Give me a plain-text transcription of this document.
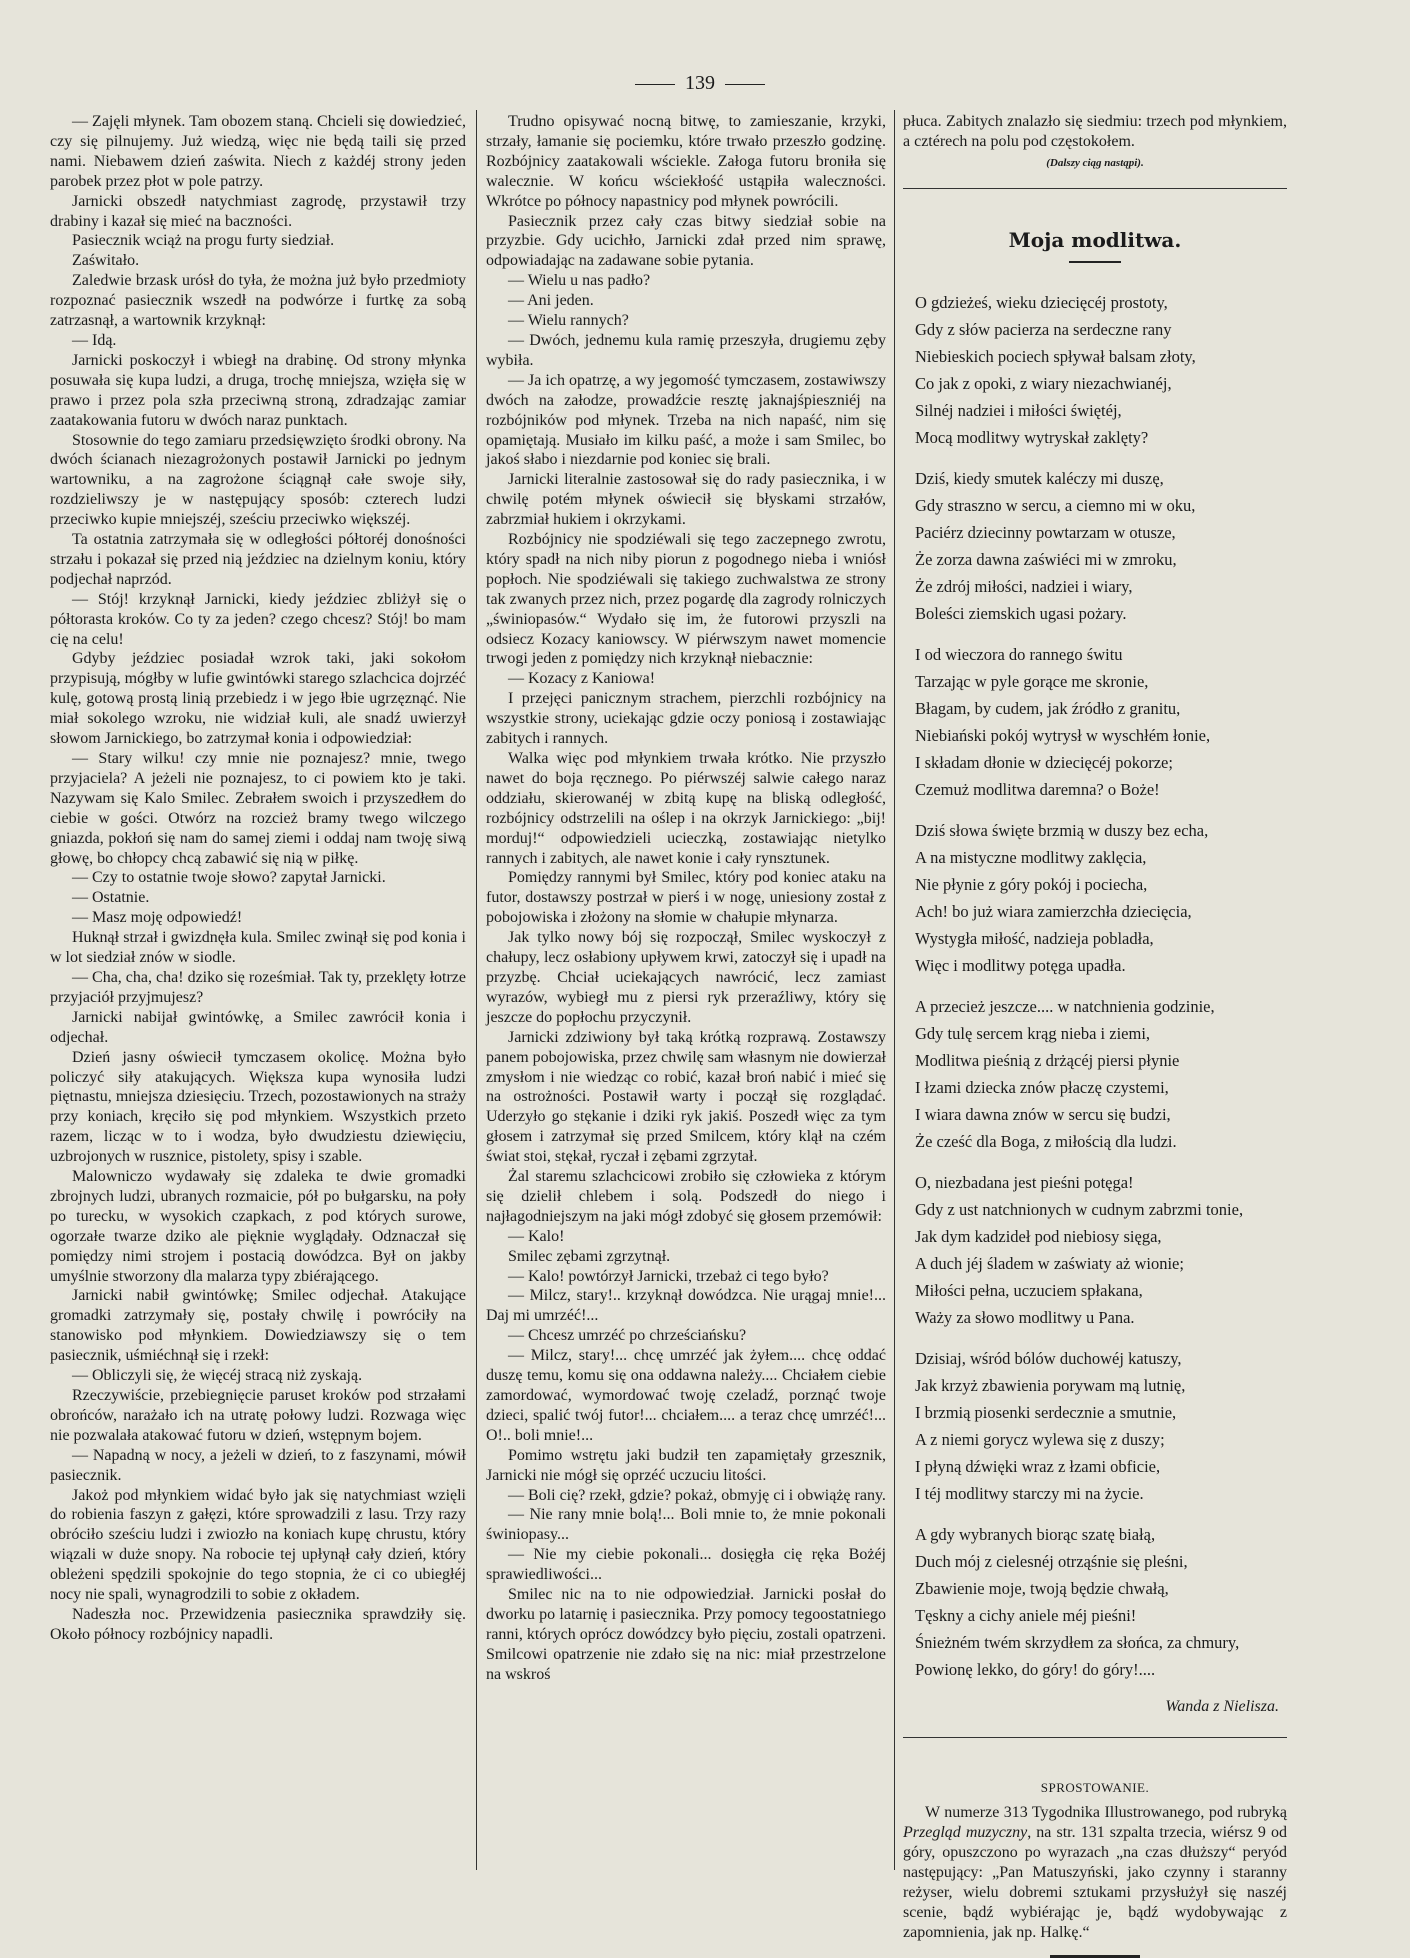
139

— Zajęli młynek. Tam obozem staną. Chcieli się dowiedzieć, czy się pilnujemy. Już wiedzą, więc nie będą taili się przed nami. Niebawem dzień zaświta. Niech z każdéj strony jeden parobek przez płot w pole patrzy.

Jarnicki obszedł natychmiast zagrodę, przystawił trzy drabiny i kazał się mieć na baczności.

Pasiecznik wciąż na progu furty siedział.

Zaświtało.

Zaledwie brzask urósł do tyła, że można już było przedmioty rozpoznać pasiecznik wszedł na podwórze i furtkę za sobą zatrzasnął, a wartownik krzyknął:

— Idą.

Jarnicki poskoczył i wbiegł na drabinę. Od strony młynka posuwała się kupa ludzi, a druga, trochę mniejsza, wzięła się w prawo i przez pola szła przeciwną stroną, zdradzając zamiar zaatakowania futoru w dwóch naraz punktach.

Stosownie do tego zamiaru przedsięwzięto środki obrony. Na dwóch ścianach niezagrożonych postawił Jarnicki po jednym wartowniku, a na zagrożone ściągnął całe swoje siły, rozdzieliwszy je w następujący sposób: czterech ludzi przeciwko kupie mniejszéj, sześciu przeciwko większéj.

Ta ostatnia zatrzymała się w odległości półtoréj donośności strzału i pokazał się przed nią jeździec na dzielnym koniu, który podjechał naprzód.

— Stój! krzyknął Jarnicki, kiedy jeździec zbliżył się o półtorasta kroków. Co ty za jeden? czego chcesz? Stój! bo mam cię na celu!

Gdyby jeździec posiadał wzrok taki, jaki sokołom przypisują, mógłby w lufie gwintówki starego szlachcica dojrzéć kulę, gotową prostą linią przebiedz i w jego łbie ugrzęznąć. Nie miał sokolego wzroku, nie widział kuli, ale snadź uwierzył słowom Jarnickiego, bo zatrzymał konia i odpowiedział:

— Stary wilku! czy mnie nie poznajesz? mnie, twego przyjaciela? A jeżeli nie poznajesz, to ci powiem kto je taki. Nazywam się Kalo Smilec. Zebrałem swoich i przyszedłem do ciebie w gości. Otwórz na rozcież bramy twego wilczego gniazda, pokłoń się nam do samej ziemi i oddaj nam twoję siwą głowę, bo chłopcy chcą zabawić się nią w piłkę.

— Czy to ostatnie twoje słowo? zapytał Jarnicki.

— Ostatnie.

— Masz moję odpowiedź!

Huknął strzał i gwizdnęła kula. Smilec zwinął się pod konia i w lot siedział znów w siodle.

— Cha, cha, cha! dziko się roześmiał. Tak ty, przeklęty łotrze przyjaciół przyjmujesz?

Jarnicki nabijał gwintówkę, a Smilec zawrócił konia i odjechał.

Dzień jasny oświecił tymczasem okolicę. Można było policzyć siły atakujących. Większa kupa wynosiła ludzi piętnastu, mniejsza dziesięciu. Trzech, pozostawionych na straży przy koniach, kręciło się pod młynkiem. Wszystkich przeto razem, licząc w to i wodza, było dwudziestu dziewięciu, uzbrojonych w rusznice, pistolety, spisy i szable.

Malowniczo wydawały się zdaleka te dwie gromadki zbrojnych ludzi, ubranych rozmaicie, pół po bułgarsku, na poły po turecku, w wysokich czapkach, z pod których surowe, ogorzałe twarze dziko ale pięknie wyglądały. Odznaczał się pomiędzy nimi strojem i postacią dowódzca. Był on jakby umyślnie stworzony dla malarza typy zbiérającego.

Jarnicki nabił gwintówkę; Smilec odjechał. Atakujące gromadki zatrzymały się, postały chwilę i powróciły na stanowisko pod młynkiem. Dowiedziawszy się o tem pasiecznik, uśmiéchnął się i rzekł:

— Obliczyli się, że więcéj stracą niż zyskają.

Rzeczywiście, przebiegnięcie paruset kroków pod strzałami obrońców, narażało ich na utratę połowy ludzi. Rozwaga więc nie pozwalała atakować futoru w dzień, wstępnym bojem.

— Napadną w nocy, a jeżeli w dzień, to z faszynami, mówił pasiecznik.

Jakoż pod młynkiem widać było jak się natychmiast wzięli do robienia faszyn z gałęzi, które sprowadzili z lasu. Trzy razy obróciło sześciu ludzi i zwiozło na koniach kupę chrustu, który wiązali w duże snopy. Na robocie tej upłynął cały dzień, który obleżeni spędzili spokojnie do tego stopnia, że ci co ubiegłéj nocy nie spali, wynagrodzili to sobie z okładem.

Nadeszła noc. Przewidzenia pasiecznika sprawdziły się. Około północy rozbójnicy napadli.

Trudno opisywać nocną bitwę, to zamieszanie, krzyki, strzały, łamanie się pociemku, które trwało przeszło godzinę. Rozbójnicy zaatakowali wściekle. Załoga futoru broniła się walecznie. W końcu wściekłość ustąpiła waleczności. Wkrótce po północy napastnicy pod młynek powrócili.

Pasiecznik przez cały czas bitwy siedział sobie na przyzbie. Gdy ucichło, Jarnicki zdał przed nim sprawę, odpowiadając na zadawane sobie pytania.

— Wielu u nas padło?

— Ani jeden.

— Wielu rannych?

— Dwóch, jednemu kula ramię przeszyła, drugiemu zęby wybiła.

— Ja ich opatrzę, a wy jegomość tymczasem, zostawiwszy dwóch na załodze, prowadźcie resztę jaknajśpieszniéj na rozbójników pod młynek. Trzeba na nich napaść, nim się opamiętają. Musiało im kilku paść, a może i sam Smilec, bo jakoś słabo i niezdarnie pod koniec się brali.

Jarnicki literalnie zastosował się do rady pasiecznika, i w chwilę potém młynek oświecił się błyskami strzałów, zabrzmiał hukiem i okrzykami.

Rozbójnicy nie spodziéwali się tego zaczepnego zwrotu, który spadł na nich niby piorun z pogodnego nieba i wniósł popłoch. Nie spodziéwali się takiego zuchwalstwa ze strony tak zwanych przez nich, przez pogardę dla zagrody rolniczych „świniopasów.“ Wydało się im, że futorowi przyszli na odsiecz Kozacy kaniowscy. W piérwszym nawet momencie trwogi jeden z pomiędzy nich krzyknął niebacznie:

— Kozacy z Kaniowa!

I przejęci panicznym strachem, pierzchli rozbójnicy na wszystkie strony, uciekając gdzie oczy poniosą i zostawiając zabitych i rannych.

Walka więc pod młynkiem trwała krótko. Nie przyszło nawet do boja ręcznego. Po piérwszéj salwie całego naraz oddziału, skierowanéj w zbitą kupę na bliską odległość, rozbójnicy odstrzelili na oślep i na okrzyk Jarnickiego: „bij! morduj!“ odpowiedzieli ucieczką, zostawiając nietylko rannych i zabitych, ale nawet konie i cały rynsztunek.

Pomiędzy rannymi był Smilec, który pod koniec ataku na futor, dostawszy postrzał w pierś i w nogę, uniesiony został z pobojowiska i złożony na słomie w chałupie młynarza.

Jak tylko nowy bój się rozpoczął, Smilec wyskoczył z chałupy, lecz osłabiony upływem krwi, zatoczył się i upadł na przyzbę. Chciał uciekających nawrócić, lecz zamiast wyrazów, wybiegł mu z piersi ryk przeraźliwy, który się jeszcze do popłochu przyczynił.

Jarnicki zdziwiony był taką krótką rozprawą. Zostawszy panem pobojowiska, przez chwilę sam własnym nie dowierzał zmysłom i nie wiedząc co robić, kazał broń nabić i mieć się na ostrożności. Postawił warty i począł się rozglądać. Uderzyło go stękanie i dziki ryk jakiś. Poszedł więc za tym głosem i zatrzymał się przed Smilcem, który klął na czém świat stoi, stękał, ryczał i zębami zgrzytał.

Żal staremu szlachcicowi zrobiło się człowieka z którym się dzielił chlebem i solą. Podszedł do niego i najłagodniejszym na jaki mógł zdobyć się głosem przemówił:

— Kalo!

Smilec zębami zgrzytnął.

— Kalo! powtórzył Jarnicki, trzebaż ci tego było?

— Milcz, stary!.. krzyknął dowódzca. Nie urągaj mnie!... Daj mi umrzéć!...

— Chcesz umrzéć po chrześciańsku?

— Milcz, stary!... chcę umrzéć jak żyłem.... chcę oddać duszę temu, komu się ona oddawna należy.... Chciałem ciebie zamordować, wymordować twoję czeladź, porznąć twoje dzieci, spalić twój futor!... chciałem.... a teraz chcę umrzéć!... O!.. boli mnie!...

Pomimo wstrętu jaki budził ten zapamiętały grzesznik, Jarnicki nie mógł się oprzéć uczuciu litości.

— Boli cię? rzekł, gdzie? pokaż, obmyję ci i obwiążę rany.

— Nie rany mnie bolą!... Boli mnie to, że mnie pokonali świniopasy...

— Nie my ciebie pokonali... dosięgła cię ręka Bożéj sprawiedliwości...

Smilec nic na to nie odpowiedział. Jarnicki posłał do dworku po latarnię i pasiecznika. Przy pomocy tegoostatniego ranni, których oprócz dowódzcy było pięciu, zostali opatrzeni. Smilcowi opatrzenie nie zdało się na nic: miał przestrzelone na wskroś

płuca. Zabitych znalazło się siedmiu: trzech pod młynkiem, a cztérech na polu pod częstokołem.

(Dalszy ciąg nastąpi).
Moja modlitwa.
O gdzieżeś, wieku dziecięcéj prostoty,
Gdy z słów pacierza na serdeczne rany
Niebieskich pociech spływał balsam złoty,
Co jak z opoki, z wiary niezachwianéj,
Silnéj nadziei i miłości świętéj,
Mocą modlitwy wytryskał zaklęty?
Dziś, kiedy smutek kaléczy mi duszę,
Gdy straszno w sercu, a ciemno mi w oku,
Paciérz dziecinny powtarzam w otusze,
Że zorza dawna zaświéci mi w zmroku,
Że zdrój miłości, nadziei i wiary,
Boleści ziemskich ugasi pożary.
I od wieczora do rannego świtu
Tarzając w pyle gorące me skronie,
Błagam, by cudem, jak źródło z granitu,
Niebiański pokój wytrysł w wyschłém łonie,
I składam dłonie w dziecięcéj pokorze;
Czemuż modlitwa daremna? o Boże!
Dziś słowa święte brzmią w duszy bez echa,
A na mistyczne modlitwy zaklęcia,
Nie płynie z góry pokój i pociecha,
Ach! bo już wiara zamierzchła dziecięcia,
Wystygła miłość, nadzieja pobladła,
Więc i modlitwy potęga upadła.
A przecież jeszcze.... w natchnienia godzinie,
Gdy tulę sercem krąg nieba i ziemi,
Modlitwa pieśnią z drżącéj piersi płynie
I łzami dziecka znów płaczę czystemi,
I wiara dawna znów w sercu się budzi,
Że cześć dla Boga, z miłością dla ludzi.
O, niezbadana jest pieśni potęga!
Gdy z ust natchnionych w cudnym zabrzmi tonie,
Jak dym kadzideł pod niebiosy sięga,
A duch jéj śladem w zaświaty aż wionie;
Miłości pełna, uczuciem spłakana,
Waży za słowo modlitwy u Pana.
Dzisiaj, wśród bólów duchowéj katuszy,
Jak krzyż zbawienia porywam mą lutnię,
I brzmią piosenki serdecznie a smutnie,
A z niemi gorycz wylewa się z duszy;
I płyną dźwięki wraz z łzami obficie,
I téj modlitwy starczy mi na życie.
A gdy wybranych biorąc szatę białą,
Duch mój z cielesnéj otrząśnie się pleśni,
Zbawienie moje, twoją będzie chwałą,
Tęskny a cichy aniele méj pieśni!
Śnieżném twém skrzydłem za słońca, za chmury,
Powionę lekko, do góry! do góry!....
Wanda z Nielisza.
SPROSTOWANIE.

W numerze 313 Tygodnika Illustrowanego, pod rubryką Przegląd muzyczny, na str. 131 szpalta trzecia, wiérsz 9 od góry, opuszczono po wyrazach „na czas dłuższy“ peryód następujący: „Pan Matuszyński, jako czynny i staranny reżyser, wielu dobremi sztukami przysłużył się naszéj scenie, bądź wybiérając je, bądź wydobywając z zapomnienia, jak np. Halkę.“
